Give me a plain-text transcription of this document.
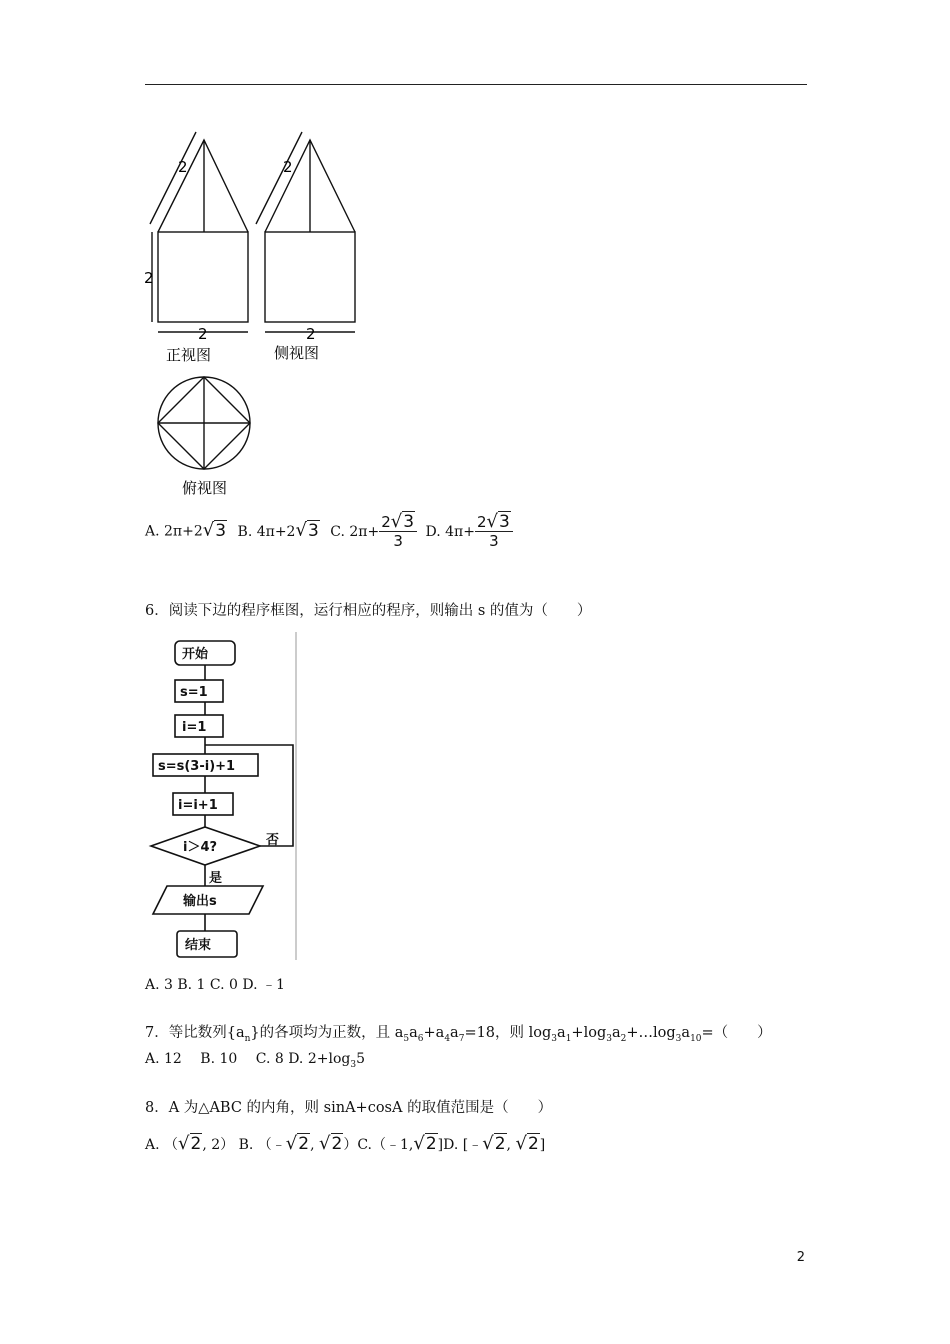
2
2
2
2
2
正视图	侧视图
俯视图
A. 2π+2√3 B. 4π+2√3 C. $2\pi+ \frac{2√3}{3} D$. $4\pi+ \frac{2√3}{3}$
6．阅读下边的程序框图，运行相应的程序，则输出 s 的值为（　　）
开始
s=1
i=1
s=s(3-i)+1
i=i+1
i＞4?	否
是
输出s
结束
A. 3 B. 1 C. 0 D. ﹣1
7．等比数列$\{a_n\}$的各项均为正数，且 $a_5a_6+a_4a_7=18$，则 $\log_3a_1+\log_3a_2+\dots\log_3a_{10}=$（　　）
A. 12　 B. 10　 C. 8 D. $2+\log_35$
8．A 为△ABC 的内角，则 sinA+cosA 的取值范围是（　　）
A. （√2, 2） B. （﹣√2, √2）C.（﹣1,√2]D. [﹣√2, √2]
2
